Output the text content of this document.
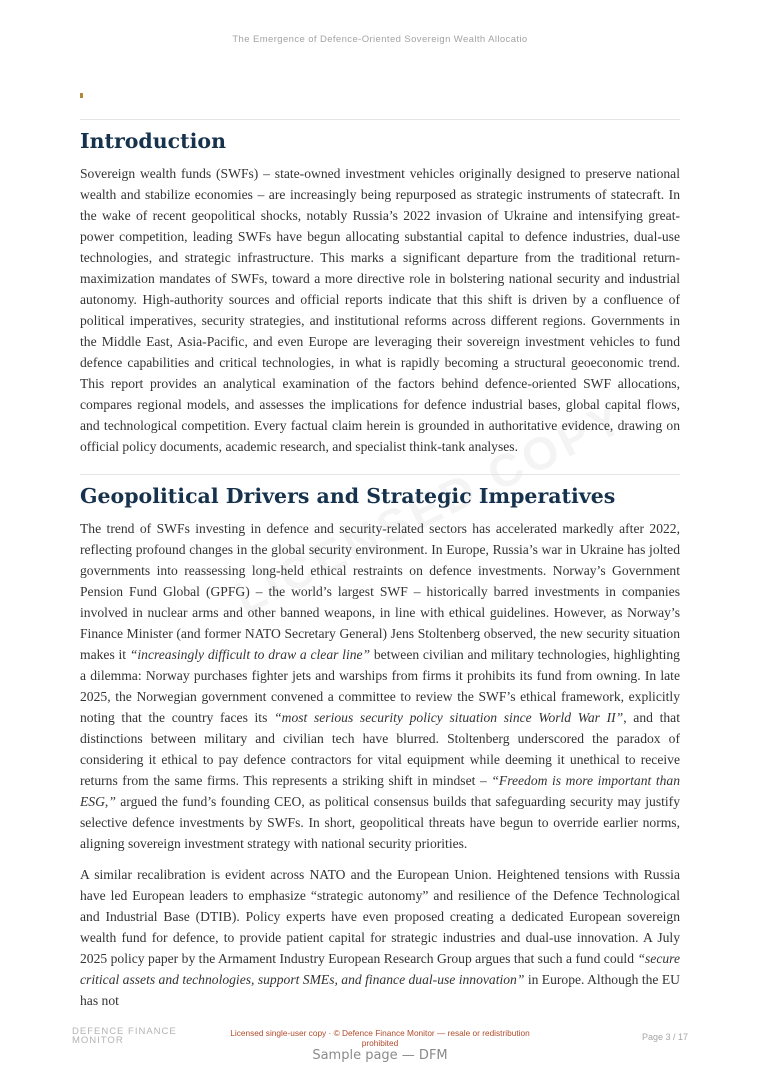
The Emergence of Defence-Oriented Sovereign Wealth Allocatio
Introduction

Sovereign wealth funds (SWFs) – state-owned investment vehicles originally designed to preserve national wealth and stabilize economies – are increasingly being repurposed as strategic instruments of statecraft. In the wake of recent geopolitical shocks, notably Russia’s 2022 invasion of Ukraine and intensifying great-power competition, leading SWFs have begun allocating substantial capital to defence industries, dual-use technologies, and strategic infrastructure. This marks a significant departure from the traditional return-maximization mandates of SWFs, toward a more directive role in bolstering national security and industrial autonomy. High-authority sources and official reports indicate that this shift is driven by a confluence of political imperatives, security strategies, and institutional reforms across different regions. Governments in the Middle East, Asia-Pacific, and even Europe are leveraging their sovereign investment vehicles to fund defence capabilities and critical technologies, in what is rapidly becoming a structural geoeconomic trend. This report provides an analytical examination of the factors behind defence-oriented SWF allocations, compares regional models, and assesses the implications for defence industrial bases, global capital flows, and technological competition. Every factual claim herein is grounded in authoritative evidence, drawing on official policy documents, academic research, and specialist think-tank analyses.

Geopolitical Drivers and Strategic Imperatives

The trend of SWFs investing in defence and security-related sectors has accelerated markedly after 2022, reflecting profound changes in the global security environment. In Europe, Russia’s war in Ukraine has jolted governments into reassessing long-held ethical restraints on defence investments. Norway’s Government Pension Fund Global (GPFG) – the world’s largest SWF – historically barred investments in companies involved in nuclear arms and other banned weapons, in line with ethical guidelines. However, as Norway’s Finance Minister (and former NATO Secretary General) Jens Stoltenberg observed, the new security situation makes it “increasingly difficult to draw a clear line” between civilian and military technologies, highlighting a dilemma: Norway purchases fighter jets and warships from firms it prohibits its fund from owning. In late 2025, the Norwegian government convened a committee to review the SWF’s ethical framework, explicitly noting that the country faces its “most serious security policy situation since World War II”, and that distinctions between military and civilian tech have blurred. Stoltenberg underscored the paradox of considering it ethical to pay defence contractors for vital equipment while deeming it unethical to receive returns from the same firms. This represents a striking shift in mindset – “Freedom is more important than ESG,” argued the fund’s founding CEO, as political consensus builds that safeguarding security may justify selective defence investments by SWFs. In short, geopolitical threats have begun to override earlier norms, aligning sovereign investment strategy with national security priorities.

A similar recalibration is evident across NATO and the European Union. Heightened tensions with Russia have led European leaders to emphasize “strategic autonomy” and resilience of the Defence Technological and Industrial Base (DTIB). Policy experts have even proposed creating a dedicated European sovereign wealth fund for defence, to provide patient capital for strategic industries and dual-use innovation. A July 2025 policy paper by the Armament Industry European Research Group argues that such a fund could “secure critical assets and technologies, support SMEs, and finance dual-use innovation” in Europe. Although the EU has not

DEFENCE FINANCE
MONITOR
Licensed single-user copy · © Defence Finance Monitor — resale or redistribution prohibited
Page 3 / 17
Sample page — DFM
